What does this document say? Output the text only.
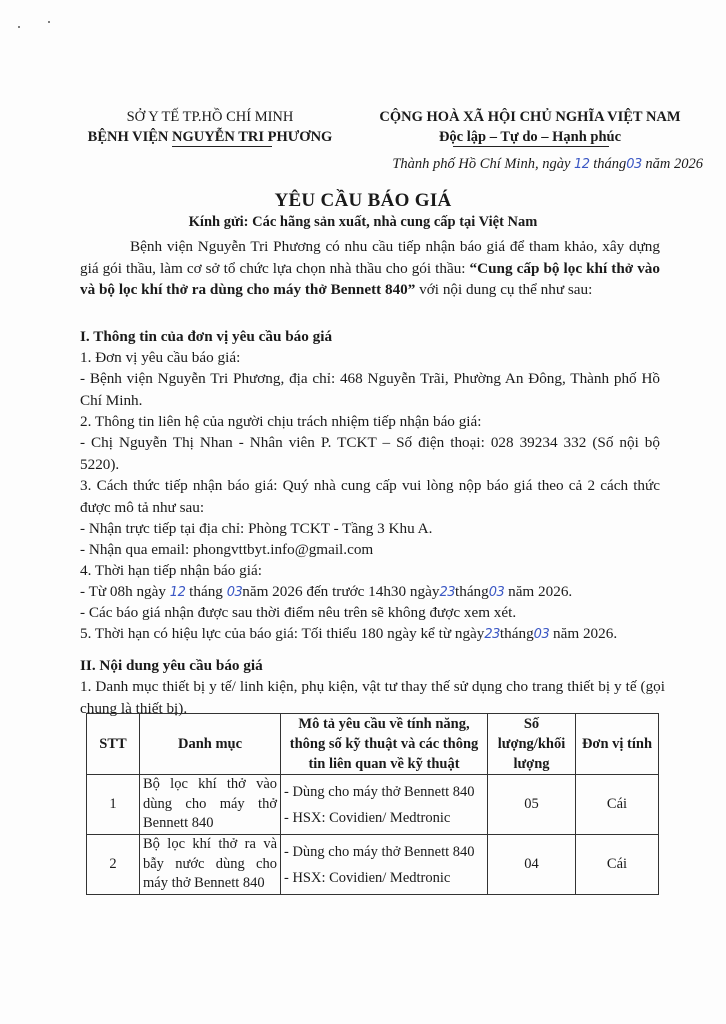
SỞ Y TẾ TP.HỒ CHÍ MINH
BỆNH VIỆN NGUYỄN TRI PHƯƠNG
CỘNG HOÀ XÃ HỘI CHỦ NGHĨA VIỆT NAM
Độc lập – Tự do – Hạnh phúc
Thành phố Hồ Chí Minh, ngày 12 tháng03 năm 2026
YÊU CẦU BÁO GIÁ
Kính gửi: Các hãng sản xuất, nhà cung cấp tại Việt Nam
Bệnh viện Nguyễn Tri Phương có nhu cầu tiếp nhận báo giá để tham khảo, xây dựng giá gói thầu, làm cơ sở tổ chức lựa chọn nhà thầu cho gói thầu: “Cung cấp bộ lọc khí thở vào và bộ lọc khí thở ra dùng cho máy thở Bennett 840” với nội dung cụ thể như sau:
I. Thông tin của đơn vị yêu cầu báo giá
1. Đơn vị yêu cầu báo giá:
- Bệnh viện Nguyễn Tri Phương, địa chỉ: 468 Nguyễn Trãi, Phường An Đông, Thành phố Hồ Chí Minh.
2. Thông tin liên hệ của người chịu trách nhiệm tiếp nhận báo giá:
- Chị Nguyễn Thị Nhan - Nhân viên P. TCKT – Số điện thoại: 028 39234 332 (Số nội bộ 5220).
3. Cách thức tiếp nhận báo giá: Quý nhà cung cấp vui lòng nộp báo giá theo cả 2 cách thức được mô tả như sau:
- Nhận trực tiếp tại địa chỉ: Phòng TCKT - Tầng 3 Khu A.
- Nhận qua email: phongvttbyt.info@gmail.com
4. Thời hạn tiếp nhận báo giá:
- Từ 08h ngày 12 tháng 03năm 2026 đến trước 14h30 ngày23tháng03 năm 2026.
- Các báo giá nhận được sau thời điểm nêu trên sẽ không được xem xét.
5. Thời hạn có hiệu lực của báo giá: Tối thiểu 180 ngày kể từ ngày23tháng03 năm 2026.
II. Nội dung yêu cầu báo giá
1. Danh mục thiết bị y tế/ linh kiện, phụ kiện, vật tư thay thế sử dụng cho trang thiết bị y tế (gọi chung là thiết bị).
STT	Danh mục	Mô tả yêu cầu về tính năng, thông số kỹ thuật và các thông tin liên quan về kỹ thuật	Số lượng/khối lượng	Đơn vị tính
1	Bộ lọc khí thở vào dùng cho máy thở Bennett 840	- Dùng cho máy thở Bennett 840
- HSX: Covidien/ Medtronic	05	Cái
2	Bộ lọc khí thở ra và bẫy nước dùng cho máy thở Bennett 840	- Dùng cho máy thở Bennett 840
- HSX: Covidien/ Medtronic	04	Cái
